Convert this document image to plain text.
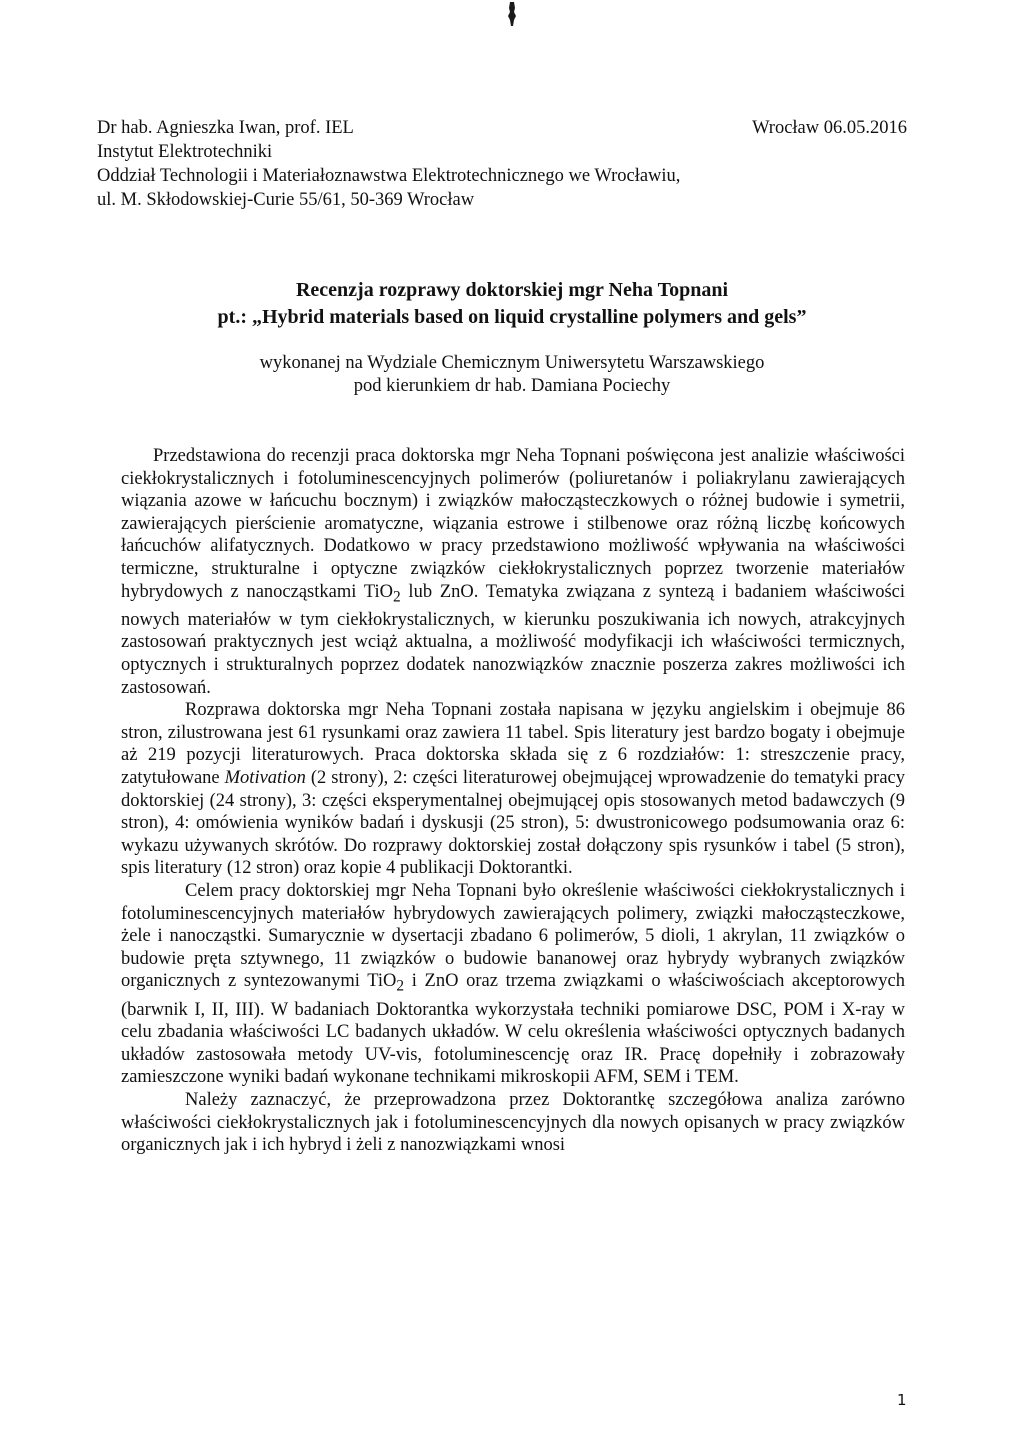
Dr hab. Agnieszka Iwan, prof. IEL	Wrocław 06.05.2016
Instytut Elektrotechniki
Oddział Technologii i Materiałoznawstwa Elektrotechnicznego we Wrocławiu,
ul. M. Skłodowskiej-Curie 55/61, 50-369 Wrocław
Recenzja rozprawy doktorskiej mgr Neha Topnani
pt.: „Hybrid materials based on liquid crystalline polymers and gels”
wykonanej na Wydziale Chemicznym Uniwersytetu Warszawskiego
pod kierunkiem dr hab. Damiana Pociechy

Przedstawiona do recenzji praca doktorska mgr Neha Topnani poświęcona jest analizie właściwości ciekłokrystalicznych i fotoluminescencyjnych polimerów (poliuretanów i poliakrylanu zawierających wiązania azowe w łańcuchu bocznym) i związków małocząsteczkowych o różnej budowie i symetrii, zawierających pierścienie aromatyczne, wiązania estrowe i stilbenowe oraz różną liczbę końcowych łańcuchów alifatycznych. Dodatkowo w pracy przedstawiono możliwość wpływania na właściwości termiczne, strukturalne i optyczne związków ciekłokrystalicznych poprzez tworzenie materiałów hybrydowych z nanocząstkami TiO$_2$ lub ZnO. Tematyka związana z syntezą i badaniem właściwości nowych materiałów w tym ciekłokrystalicznych, w kierunku poszukiwania ich nowych, atrakcyjnych zastosowań praktycznych jest wciąż aktualna, a możliwość modyfikacji ich właściwości termicznych, optycznych i strukturalnych poprzez dodatek nanozwiązków znacznie poszerza zakres możliwości ich zastosowań.

Rozprawa doktorska mgr Neha Topnani została napisana w języku angielskim i obejmuje 86 stron, zilustrowana jest 61 rysunkami oraz zawiera 11 tabel. Spis literatury jest bardzo bogaty i obejmuje aż 219 pozycji literaturowych. Praca doktorska składa się z 6 rozdziałów: 1: streszczenie pracy, zatytułowane Motivation (2 strony), 2: części literaturowej obejmującej wprowadzenie do tematyki pracy doktorskiej (24 strony), 3: części eksperymentalnej obejmującej opis stosowanych metod badawczych (9 stron), 4: omówienia wyników badań i dyskusji (25 stron), 5: dwustronicowego podsumowania oraz 6: wykazu używanych skrótów. Do rozprawy doktorskiej został dołączony spis rysunków i tabel (5 stron), spis literatury (12 stron) oraz kopie 4 publikacji Doktorantki.

Celem pracy doktorskiej mgr Neha Topnani było określenie właściwości ciekłokrystalicznych i fotoluminescencyjnych materiałów hybrydowych zawierających polimery, związki małocząsteczkowe, żele i nanocząstki. Sumarycznie w dysertacji zbadano 6 polimerów, 5 dioli, 1 akrylan, 11 związków o budowie pręta sztywnego, 11 związków o budowie bananowej oraz hybrydy wybranych związków organicznych z syntezowanymi TiO$_2$ i ZnO oraz trzema związkami o właściwościach akceptorowych (barwnik I, II, III). W badaniach Doktorantka wykorzystała techniki pomiarowe DSC, POM i X-ray w celu zbadania właściwości LC badanych układów. W celu określenia właściwości optycznych badanych układów zastosowała metody UV-vis, fotoluminescencję oraz IR. Pracę dopełniły i zobrazowały zamieszczone wyniki badań wykonane technikami mikroskopii AFM, SEM i TEM.

Należy zaznaczyć, że przeprowadzona przez Doktorantkę szczegółowa analiza zarówno właściwości ciekłokrystalicznych jak i fotoluminescencyjnych dla nowych opisanych w pracy związków organicznych jak i ich hybryd i żeli z nanozwiązkami wnosi

1
